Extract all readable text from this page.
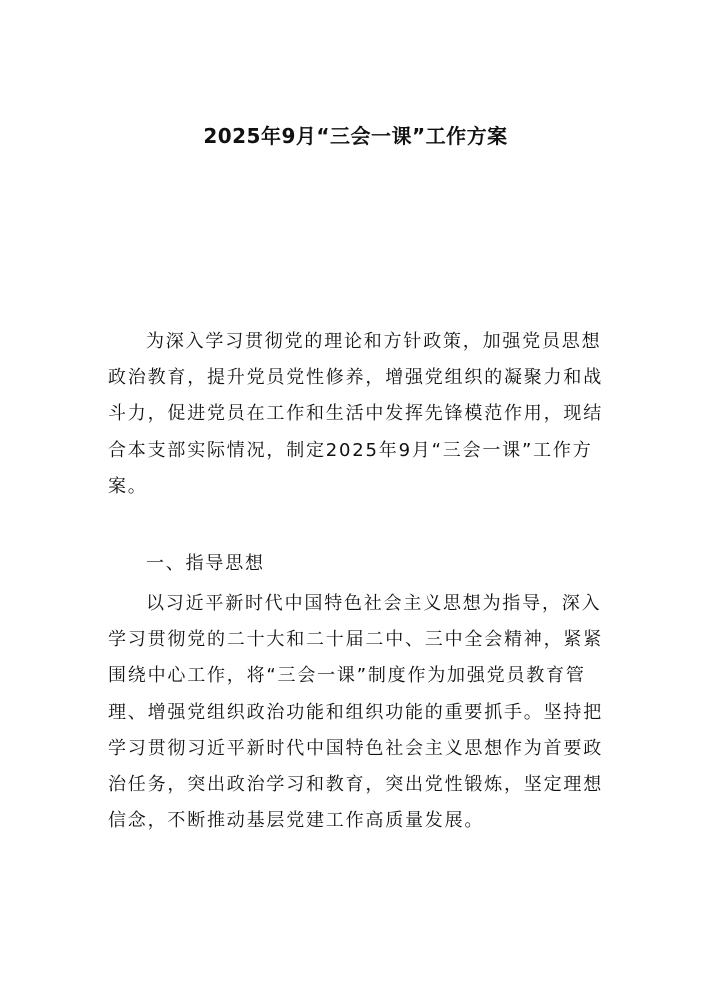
2025年9月“三会一课”工作方案

为深入学习贯彻党的理论和方针政策，加强党员思想政治教育，提升党员党性修养，增强党组织的凝聚力和战斗力，促进党员在工作和生活中发挥先锋模范作用，现结合本支部实际情况，制定2025年9月“三会一课”工作方案。

一、指导思想

以习近平新时代中国特色社会主义思想为指导，深入学习贯彻党的二十大和二十届二中、三中全会精神，紧紧围绕中心工作，将“三会一课”制度作为加强党员教育管理、增强党组织政治功能和组织功能的重要抓手。坚持把学习贯彻习近平新时代中国特色社会主义思想作为首要政治任务，突出政治学习和教育，突出党性锻炼，坚定理想信念，不断推动基层党建工作高质量发展。
